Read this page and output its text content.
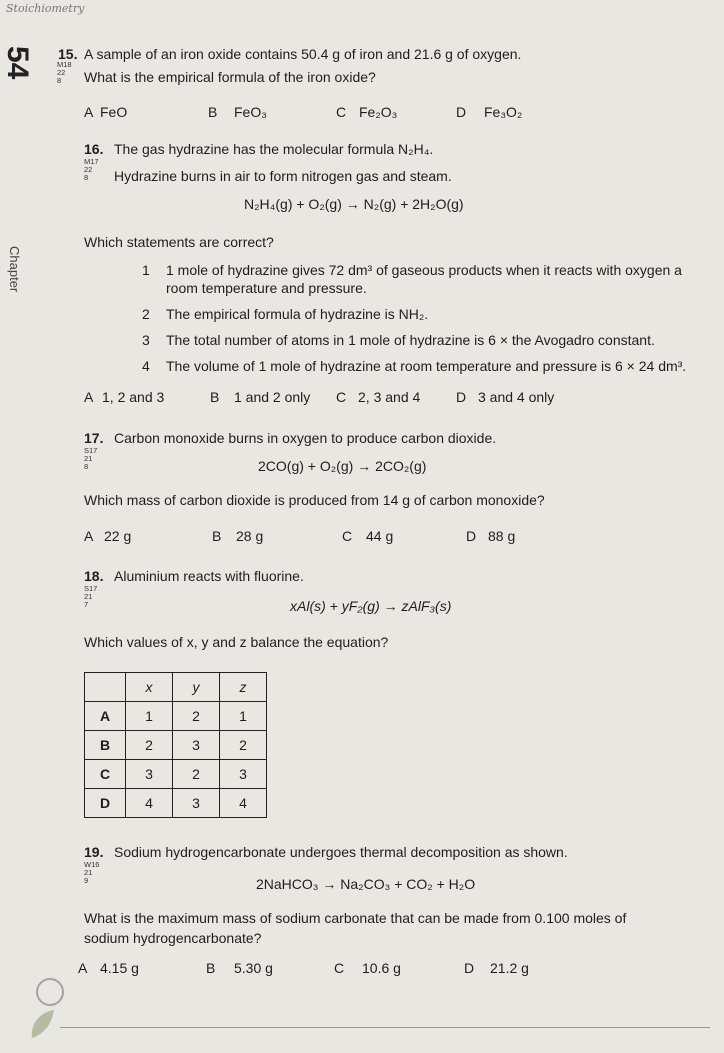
Stoichiometry
54
Chapter
15.
M18
22
8
A sample of an iron oxide contains 50.4 g of iron and 21.6 g of oxygen.
What is the empirical formula of the iron oxide?
A FeO	B FeO₃	C Fe₂O₃	D Fe₃O₂
16.
M17
22
8
The gas hydrazine has the molecular formula N₂H₄.
Hydrazine burns in air to form nitrogen gas and steam.
N₂H₄(g) + O₂(g) → N₂(g) + 2H₂O(g)
Which statements are correct?
1 1 mole of hydrazine gives 72 dm³ of gaseous products when it reacts with oxygen a
room temperature and pressure.
2 The empirical formula of hydrazine is NH₂.
3 The total number of atoms in 1 mole of hydrazine is 6 × the Avogadro constant.
4 The volume of 1 mole of hydrazine at room temperature and pressure is 6 × 24 dm³.
A 1, 2 and 3	B 1 and 2 only C 2, 3 and 4	D 3 and 4 only
17.
S17
21
8
Carbon monoxide burns in oxygen to produce carbon dioxide.
2CO(g) + O₂(g) → 2CO₂(g)
Which mass of carbon dioxide is produced from 14 g of carbon monoxide?
A 22 g	B 28 g	C 44 g	D 88 g
18.
S17
21
7
Aluminium reacts with fluorine.
xAl(s) + yF₂(g) → zAlF₃(s)
Which values of x, y and z balance the equation?
	x	y	z
A	1	2	1
B	2	3	2
C	3	2	3
D	4	3	4
19.
W16
21
9
Sodium hydrogencarbonate undergoes thermal decomposition as shown.
2NaHCO₃ → Na₂CO₃ + CO₂ + H₂O
What is the maximum mass of sodium carbonate that can be made from 0.100 moles of
sodium hydrogencarbonate?
A 4.15 g	B 5.30 g	C 10.6 g	D 21.2 g
